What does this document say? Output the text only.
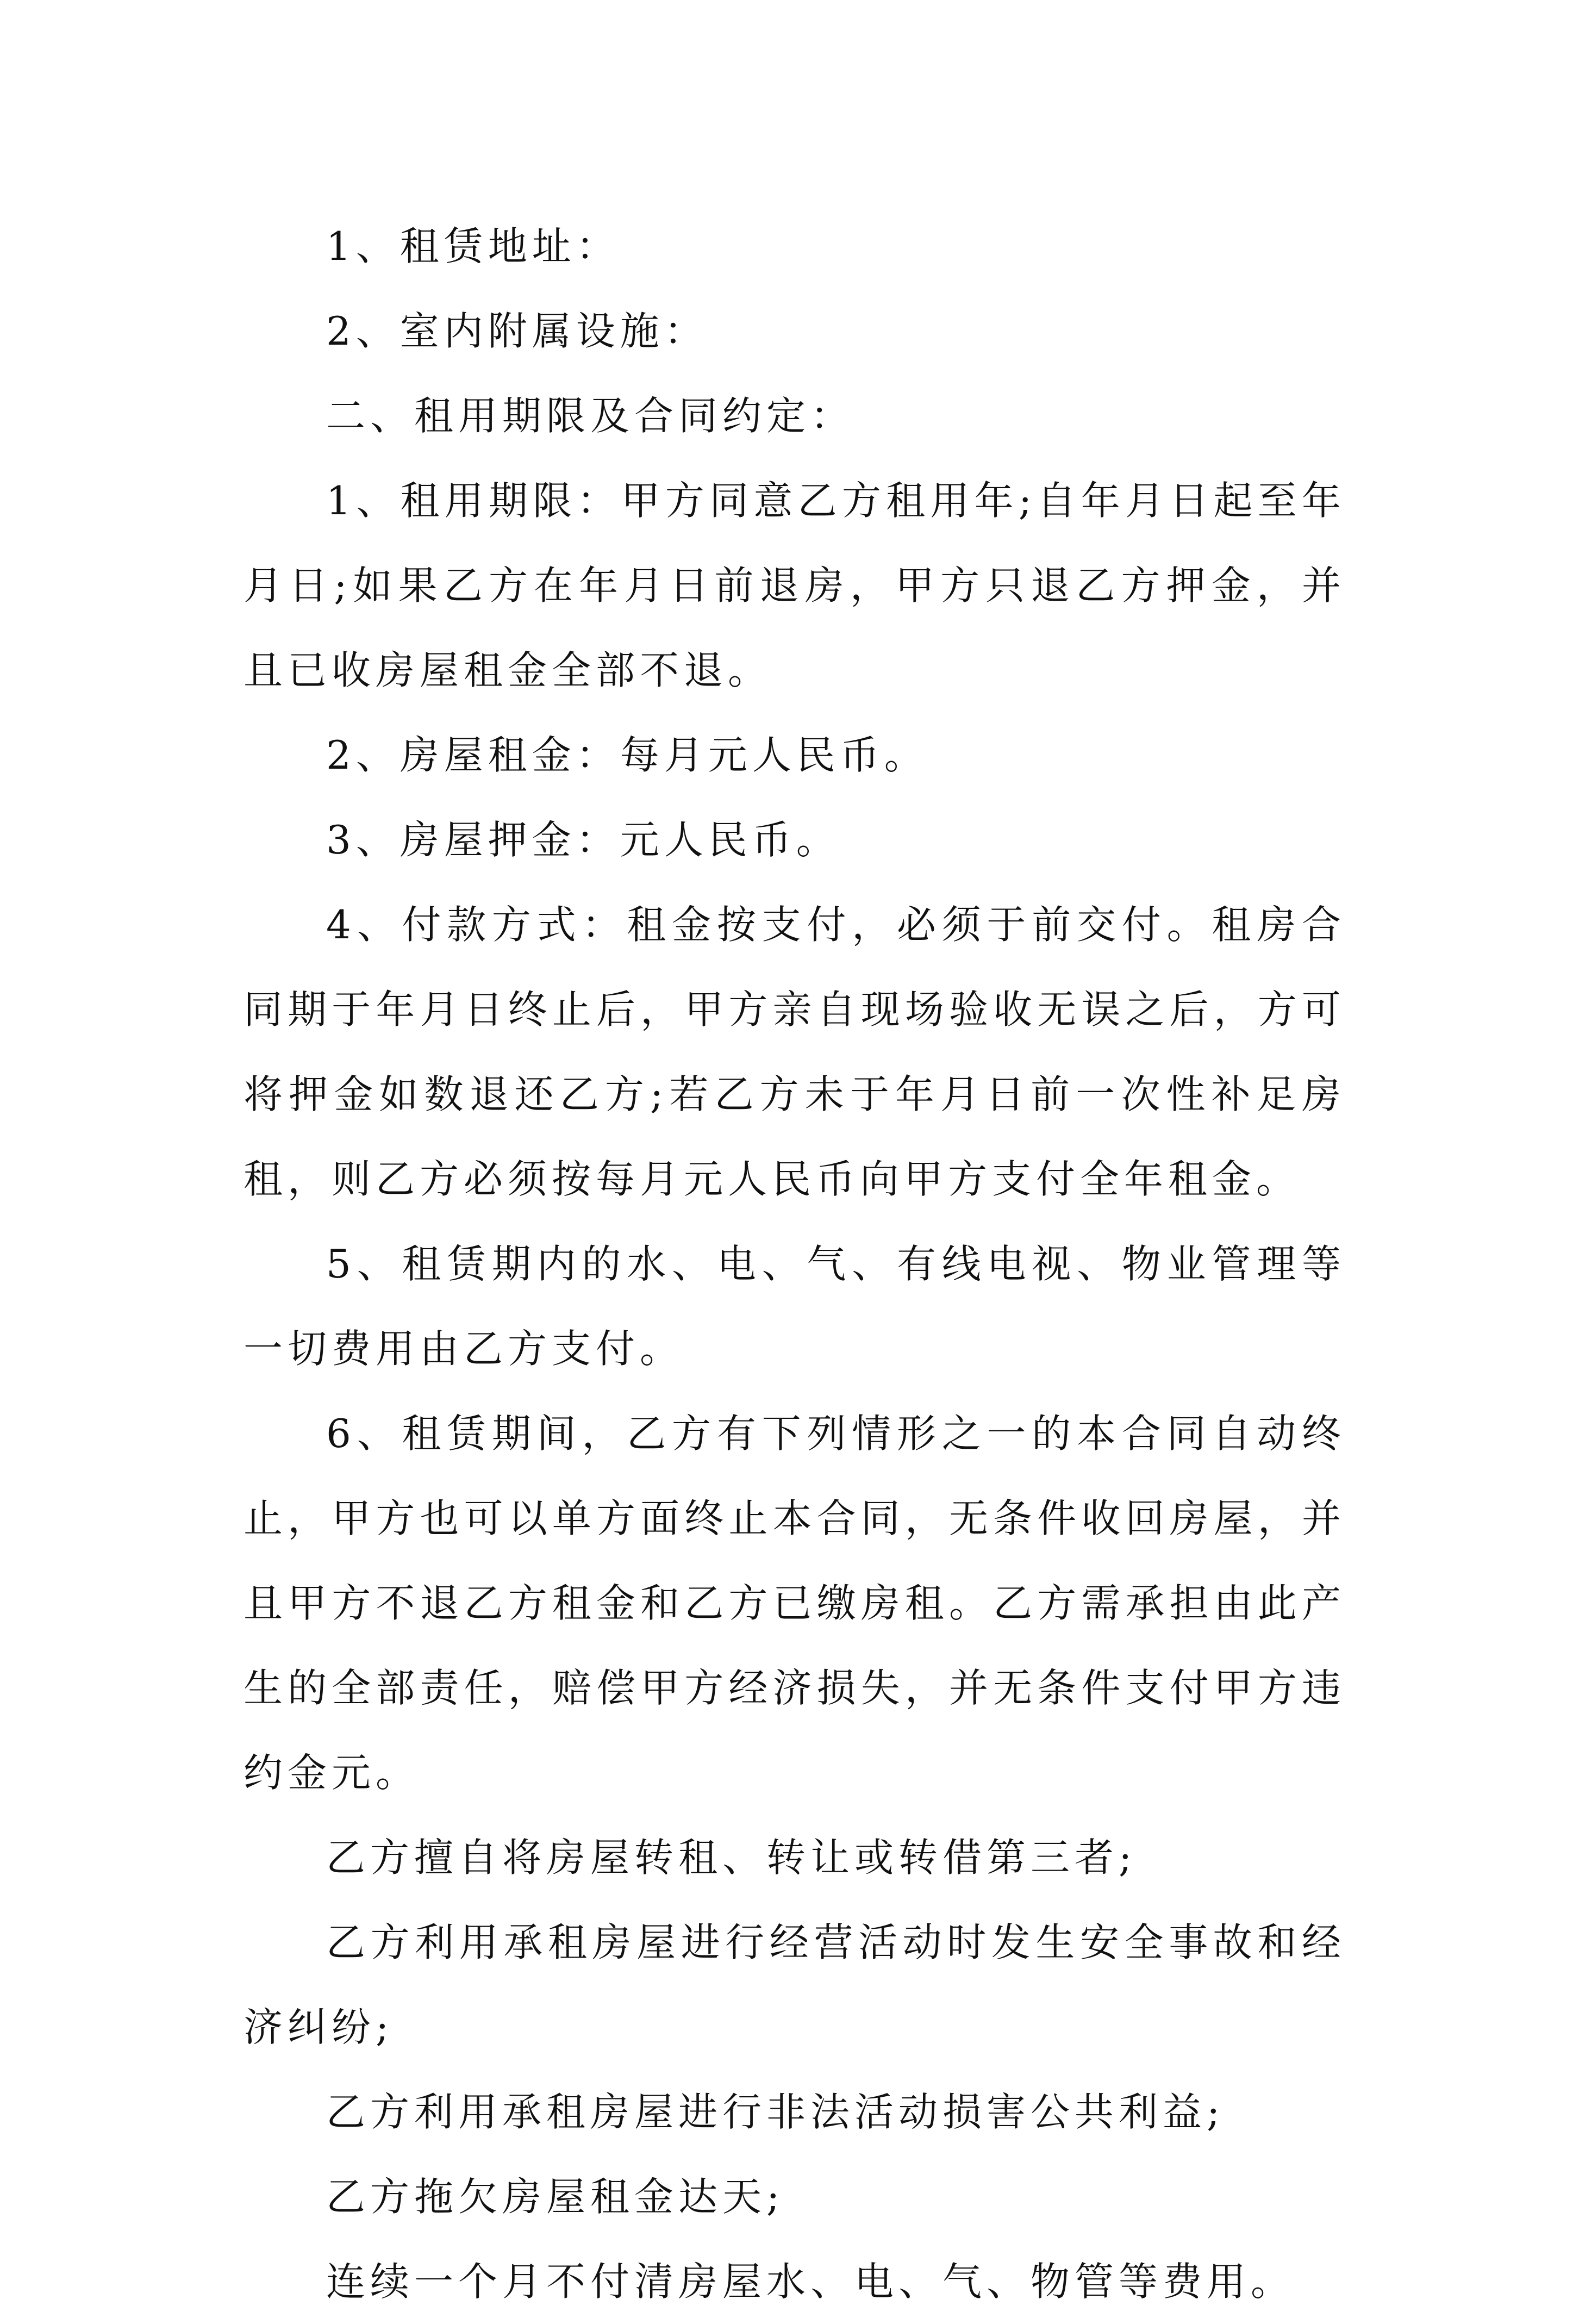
1、租赁地址：

2、室内附属设施：

二、租用期限及合同约定：

1、租用期限：甲方同意乙方租用年;自年月日起至年月日;如果乙方在年月日前退房，甲方只退乙方押金，并且已收房屋租金全部不退。

2、房屋租金：每月元人民币。

3、房屋押金：元人民币。

4、付款方式：租金按支付，必须于前交付。租房合同期于年月日终止后，甲方亲自现场验收无误之后，方可将押金如数退还乙方;若乙方未于年月日前一次性补足房租，则乙方必须按每月元人民币向甲方支付全年租金。

5、租赁期内的水、电、气、有线电视、物业管理等一切费用由乙方支付。

6、租赁期间，乙方有下列情形之一的本合同自动终止，甲方也可以单方面终止本合同，无条件收回房屋，并且甲方不退乙方租金和乙方已缴房租。乙方需承担由此产生的全部责任，赔偿甲方经济损失，并无条件支付甲方违约金元。

乙方擅自将房屋转租、转让或转借第三者;

乙方利用承租房屋进行经营活动时发生安全事故和经济纠纷;

乙方利用承租房屋进行非法活动损害公共利益;

乙方拖欠房屋租金达天;

连续一个月不付清房屋水、电、气、物管等费用。
